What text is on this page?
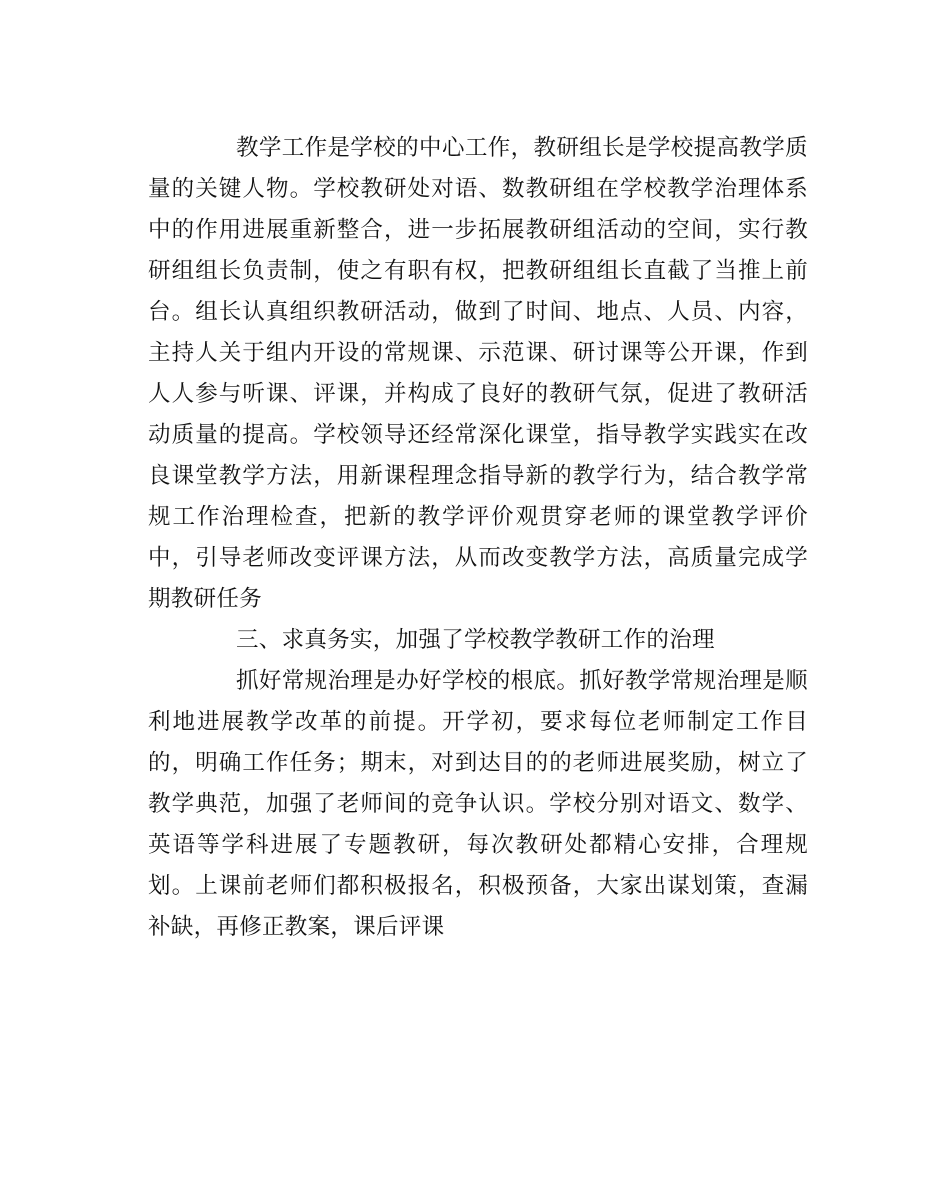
教学工作是学校的中心工作，教研组长是学校提高教学质量的关键人物。学校教研处对语、数教研组在学校教学治理体系中的作用进展重新整合，进一步拓展教研组活动的空间，实行教研组组长负责制，使之有职有权，把教研组组长直截了当推上前台。组长认真组织教研活动，做到了时间、地点、人员、内容，主持人关于组内开设的常规课、示范课、研讨课等公开课，作到人人参与听课、评课，并构成了良好的教研气氛，促进了教研活动质量的提高。学校领导还经常深化课堂，指导教学实践实在改良课堂教学方法，用新课程理念指导新的教学行为，结合教学常规工作治理检查，把新的教学评价观贯穿老师的课堂教学评价中，引导老师改变评课方法，从而改变教学方法，高质量完成学期教研任务

三、求真务实，加强了学校教学教研工作的治理

抓好常规治理是办好学校的根底。抓好教学常规治理是顺利地进展教学改革的前提。开学初，要求每位老师制定工作目的，明确工作任务；期末，对到达目的的老师进展奖励，树立了教学典范，加强了老师间的竞争认识。学校分别对语文、数学、英语等学科进展了专题教研，每次教研处都精心安排，合理规划。上课前老师们都积极报名，积极预备，大家出谋划策，查漏补缺，再修正教案，课后评课
